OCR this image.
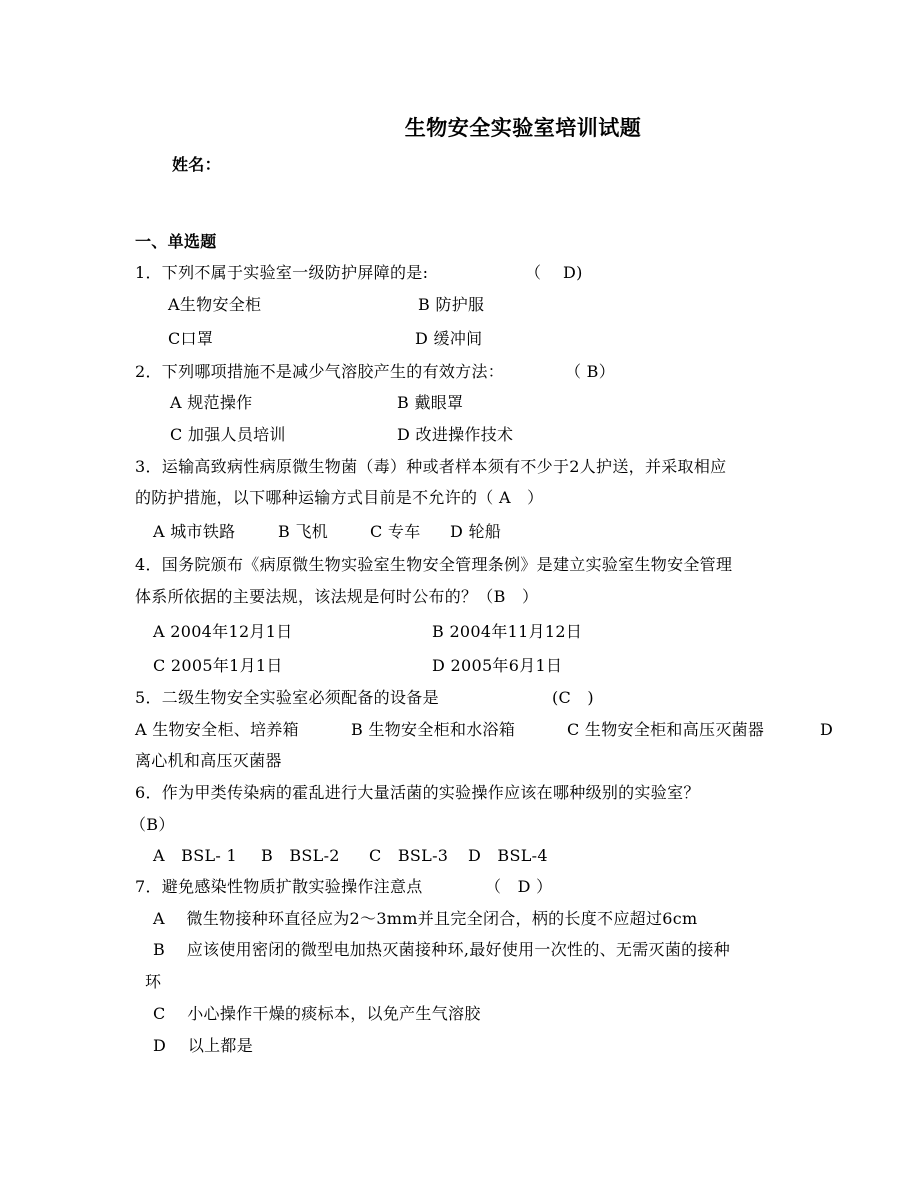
生物安全实验室培训试题
姓名：
一、单选题
1．下列不属于实验室一级防护屏障的是:	（　 D)
A生物安全柜	B 防护服
C口罩	D 缓冲间
2．下列哪项措施不是减少气溶胶产生的有效方法：	（ B）
A 规范操作	B 戴眼罩
C 加强人员培训	D 改进操作技术
3．运输高致病性病原微生物菌（毒）种或者样本须有不少于2人护送，并采取相应
的防护措施，以下哪种运输方式目前是不允许的（ A　）
A 城市铁路	B 飞机	C 专车 D 轮船
4．国务院颁布《病原微生物实验室生物安全管理条例》是建立实验室生物安全管理
体系所依据的主要法规，该法规是何时公布的？（B　）
A 2004年12月1日	B 2004年11月12日
C 2005年1月1日	D 2005年6月1日
5．二级生物安全实验室必须配备的设备是	(C　)
A 生物安全柜、培养箱	B 生物安全柜和水浴箱	C 生物安全柜和高压灭菌器	D
离心机和高压灭菌器
6．作为甲类传染病的霍乱进行大量活菌的实验操作应该在哪种级别的实验室？
（B）
A　BSL- 1 B　BSL-2 C　BSL-3 D　BSL-4
7．避免感染性物质扩散实验操作注意点	（　D ）
A　 微生物接种环直径应为2～3mm并且完全闭合，柄的长度不应超过6cm
B　 应该使用密闭的微型电加热灭菌接种环,最好使用一次性的、无需灭菌的接种
环
C　 小心操作干燥的痰标本，以免产生气溶胶
D　 以上都是
